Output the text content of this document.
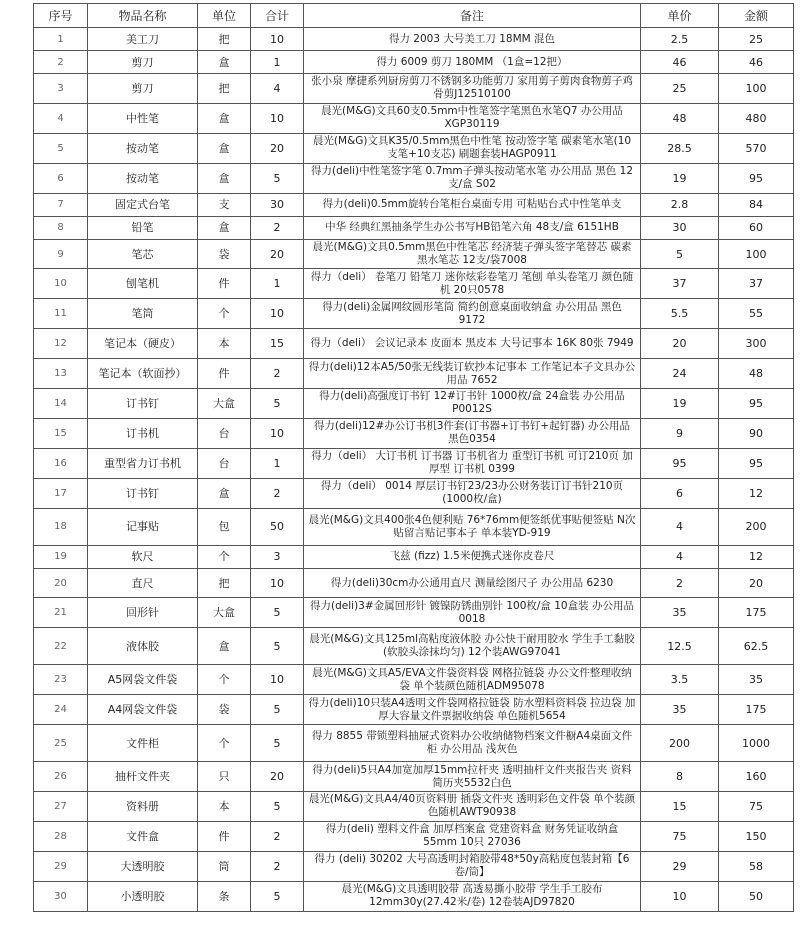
序号	物品名称	单位	合计	备注	单价	金额
1	美工刀	把	10	得力 2003 大号美工刀 18MM 混色	2.5	25
2	剪刀	盒	1	得力 6009 剪刀 180MM （1盒=12把）	46	46
3	剪刀	把	4	张小泉 摩捷系列厨房剪刀不锈钢多功能剪刀 家用剪子剪肉食物剪子鸡骨剪J12510100	25	100
4	中性笔	盒	10	晨光(M&G)文具60支0.5mm中性笔签字笔黑色水笔Q7 办公用品 XGP30119	48	480
5	按动笔	盒	20	晨光(M&G)文具K35/0.5mm黑色中性笔 按动签字笔 碳素笔水笔(10支笔+10支芯) 刷题套装HAGP0911	28.5	570
6	按动笔	盒	5	得力(deli)中性笔签字笔 0.7mm子弹头按动笔水笔 办公用品 黑色 12支/盒 S02	19	95
7	固定式台笔	支	30	得力(deli)0.5mm旋转台笔柜台桌面专用 可粘贴台式中性笔单支	2.8	84
8	铅笔	盒	2	中华 经典红黑抽条学生办公书写HB铅笔六角 48支/盒 6151HB	30	60
9	笔芯	袋	20	晨光(M&G)文具0.5mm黑色中性笔芯 经济装子弹头签字笔替芯 碳素黑水笔芯 12支/袋7008	5	100
10	刨笔机	件	1	得力（deli） 卷笔刀 铅笔刀 迷你炫彩卷笔刀 笔刨 单头卷笔刀 颜色随机 20只0578	37	37
11	笔筒	个	10	得力(deli)金属网纹圆形笔筒 简约创意桌面收纳盒 办公用品 黑色 9172	5.5	55
12	笔记本（硬皮）	本	15	得力（deli） 会议记录本 皮面本 黑皮本 大号记事本 16K 80张 7949	20	300
13	笔记本（软面抄）	件	2	得力(deli)12本A5/50张无线装订软抄本记事本 工作笔记本子文具办公用品 7652	24	48
14	订书钉	大盒	5	得力(deli)高强度订书钉 12#订书针 1000枚/盒 24盒装 办公用品 P0012S	19	95
15	订书机	台	10	得力(deli)12#办公订书机3件套(订书器+订书钉+起钉器) 办公用品 黑色0354	9	90
16	重型省力订书机	台	1	得力（deli） 大订书机 订书器 订书机省力 重型订书机 可订210页 加厚型 订书机 0399	95	95
17	订书钉	盒	2	得力（deli） 0014 厚层订书钉23/23办公财务装订订书针210页 (1000枚/盒)	6	12
18	记事贴	包	50	晨光(M&G)文具400张4色便利贴 76*76mm便签纸优事贴便签贴 N次贴留言贴记事本子 单本装YD-919	4	200
19	软尺	个	3	飞兹 (fizz) 1.5米便携式迷你皮卷尺	4	12
20	直尺	把	10	得力(deli)30cm办公通用直尺 测量绘图尺子 办公用品 6230	2	20
21	回形针	大盒	5	得力(deli)3#金属回形针 镀镍防锈曲别针 100枚/盒 10盒装 办公用品 0018	35	175
22	液体胶	盒	5	晨光(M&G)文具125ml高粘度液体胶 办公快干耐用胶水 学生手工黏胶(软胶头涂抹均匀) 12个装AWG97041	12.5	62.5
23	A5网袋文件袋	个	10	晨光(M&G)文具A5/EVA文件袋资料袋 网格拉链袋 办公文件整理收纳袋 单个装颜色随机ADM95078	3.5	35
24	A4网袋文件袋	袋	5	得力(deli)10只装A4透明文件袋网格拉链袋 防水塑料资料袋 拉边袋 加厚大容量文件票据收纳袋 单色随机5654	35	175
25	文件柜	个	5	得力 8855 带锁塑料抽屉式资料办公收纳储物档案文件橱A4桌面文件柜 办公用品 浅灰色	200	1000
26	抽杆文件夹	只	20	得力(deli)5只A4加宽加厚15mm拉杆夹 透明抽杆文件夹报告夹 资料简历夹5532白色	8	160
27	资料册	本	5	晨光(M&G)文具A4/40页资料册 插袋文件夹 透明彩色文件袋 单个装颜色随机AWT90938	15	75
28	文件盒	件	2	得力(deli) 塑料文件盒 加厚档案盒 党建资料盒 财务凭证收纳盒 55mm 10只 27036	75	150
29	大透明胶	筒	2	得力 (deli) 30202 大号高透明封箱胶带48*50y高粘度包装封箱【6卷/筒】	29	58
30	小透明胶	条	5	晨光(M&G)文具透明胶带 高透易撕小胶带 学生手工胶布 12mm30y(27.42米/卷) 12卷装AJD97820	10	50
